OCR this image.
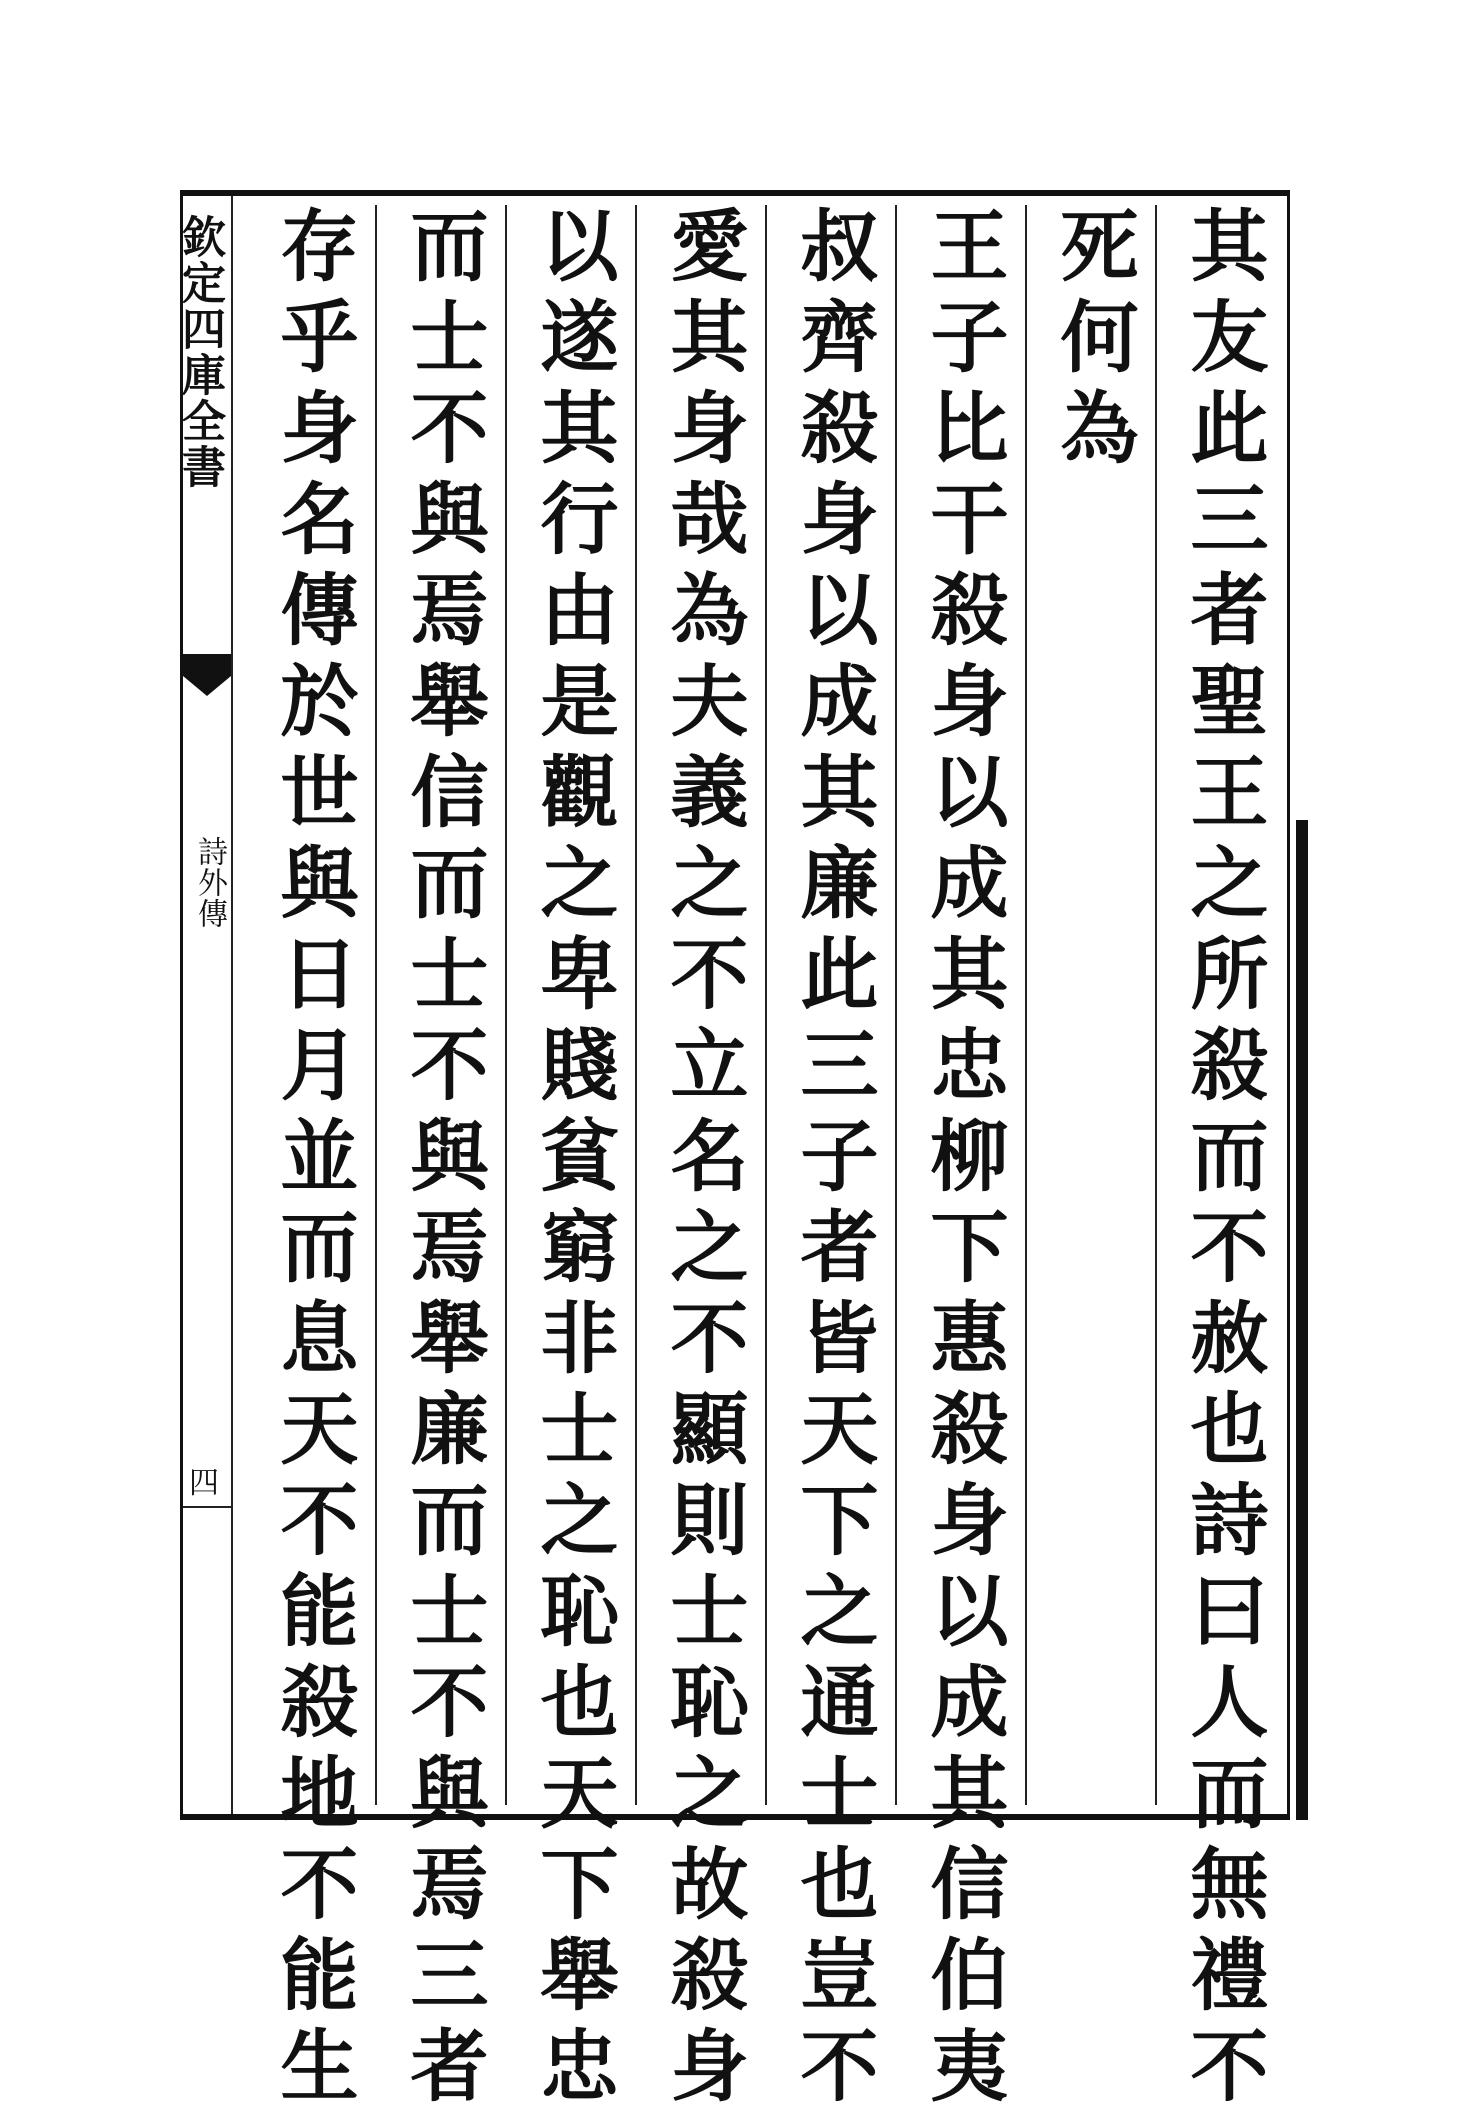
欽定四庫全書
詩外傳
四	其友此三者聖王之所殺而不赦也詩曰人而無禮不
死何為
王子比干殺身以成其忠柳下惠殺身以成其信伯夷
叔齊殺身以成其廉此三子者皆天下之通士也豈不
愛其身哉為夫義之不立名之不顯則士恥之故殺身
以遂其行由是觀之卑賤貧窮非士之恥也天下舉忠
而士不與焉舉信而士不與焉舉廉而士不與焉三者
存乎身名傳於世與日月並而息天不能殺地不能生
